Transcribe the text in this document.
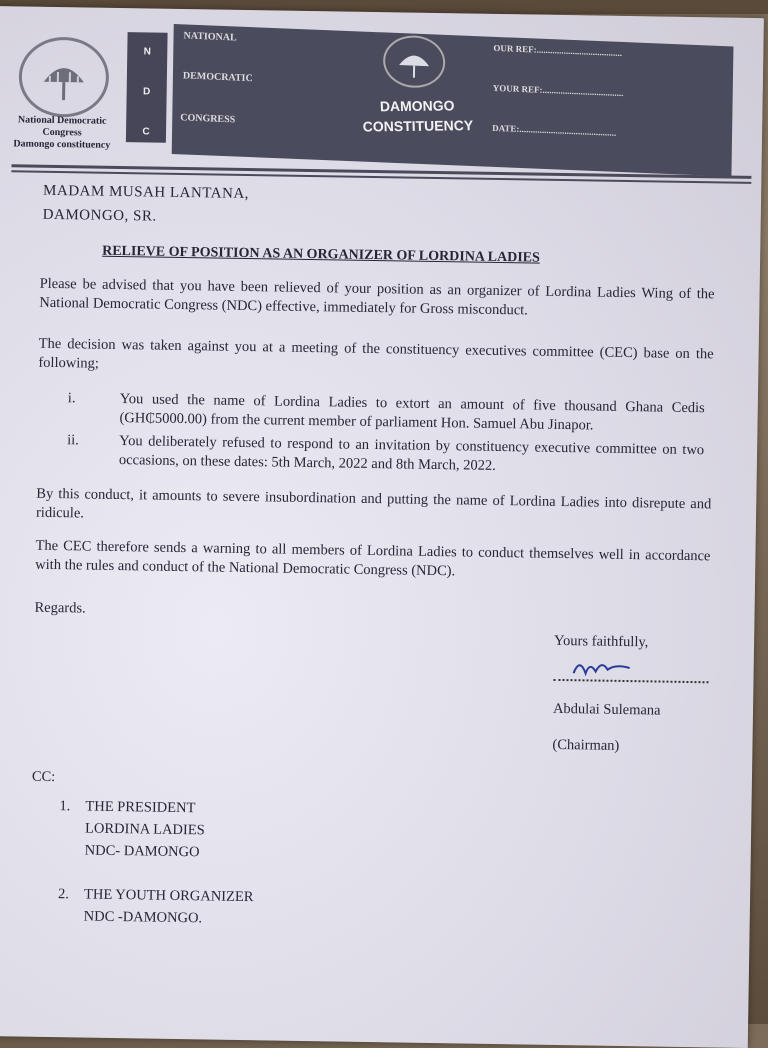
National Democratic
Congress
Damongo constituency
N
D
C
NATIONAL
DEMOCRATIC
CONGRESS
DAMONGO
CONSTITUENCY
OUR REF:......................................
YOUR REF:....................................
DATE:...........................................
MADAM MUSAH LANTANA,
DAMONGO, SR.
RELIEVE OF POSITION AS AN ORGANIZER OF LORDINA LADIES
Please be advised that you have been relieved of your position as an organizer of Lordina Ladies Wing of the National Democratic Congress (NDC) effective, immediately for Gross misconduct.
The decision was taken against you at a meeting of the constituency executives committee (CEC) base on the following;
i.	You used the name of Lordina Ladies to extort an amount of five thousand Ghana Cedis (GH₵5000.00) from the current member of parliament Hon. Samuel Abu Jinapor.
ii.	You deliberately refused to respond to an invitation by constituency executive committee on two occasions, on these dates: 5th March, 2022 and 8th March, 2022.
By this conduct, it amounts to severe insubordination and putting the name of Lordina Ladies into disrepute and ridicule.
The CEC therefore sends a warning to all members of Lordina Ladies to conduct themselves well in accordance with the rules and conduct of the National Democratic Congress (NDC).
Regards.
Yours faithfully,
Abdulai Sulemana
(Chairman)
CC:
1. THE PRESIDENT
LORDINA LADIES
NDC- DAMONGO
2. THE YOUTH ORGANIZER
NDC -DAMONGO.
